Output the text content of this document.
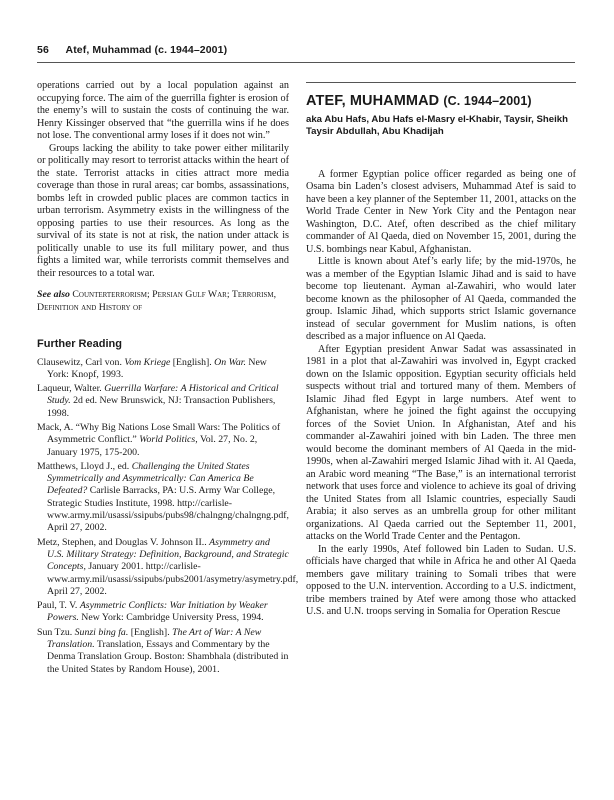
56 Atef, Muhammad (c. 1944–2001)

operations carried out by a local population against an occupying force. The aim of the guerrilla fighter is erosion of the enemy’s will to sustain the costs of continuing the war. Henry Kissinger observed that “the guerrilla wins if he does not lose. The conventional army loses if it does not win.”

Groups lacking the ability to take power either militarily or politically may resort to terrorist attacks within the heart of the state. Terrorist attacks in cities attract more media coverage than those in rural areas; car bombs, assassinations, bombs left in crowded public places are common tactics in urban terrorism. Asymmetry exists in the willingness of the opposing parties to use their resources. As long as the survival of its state is not at risk, the nation under attack is politically unable to use its full military power, and thus fights a limited war, while terrorists commit themselves and their resources to a total war.

See also Counterterrorism; Persian Gulf War; Terrorism, Definition and History of

Further Reading

Clausewitz, Carl von. Vom Kriege [English]. On War. New York: Knopf, 1993.

Laqueur, Walter. Guerrilla Warfare: A Historical and Critical Study. 2d ed. New Brunswick, NJ: Transaction Publishers, 1998.

Mack, A. “Why Big Nations Lose Small Wars: The Politics of Asymmetric Conflict.” World Politics, Vol. 27, No. 2, January 1975, 175-200.

Matthews, Lloyd J., ed. Challenging the United States Symmetrically and Asymmetrically: Can America Be Defeated? Carlisle Barracks, PA: U.S. Army War College, Strategic Studies Institute, 1998. http://carlisle-www.army.mil/usassi/ssipubs/pubs98/chalngng/chalngng.pdf, April 27, 2002.

Metz, Stephen, and Douglas V. Johnson II.. Asymmetry and U.S. Military Strategy: Definition, Background, and Strategic Concepts, January 2001. http://carlisle-www.army.mil/usassi/ssipubs/pubs2001/asymetry/asymetry.pdf, April 27, 2002.

Paul, T. V. Asymmetric Conflicts: War Initiation by Weaker Powers. New York: Cambridge University Press, 1994.

Sun Tzu. Sunzi bing fa. [English]. The Art of War: A New Translation. Translation, Essays and Commentary by the Denma Translation Group. Boston: Shambhala (distributed in the United States by Random House), 2001.

ATEF, MUHAMMAD (C. 1944–2001)

aka Abu Hafs, Abu Hafs el-Masry el-Khabir, Taysir, Sheikh Taysir Abdullah, Abu Khadijah

A former Egyptian police officer regarded as being one of Osama bin Laden’s closest advisers, Muhammad Atef is said to have been a key planner of the September 11, 2001, attacks on the World Trade Center in New York City and the Pentagon near Washington, D.C. Atef, often described as the chief military commander of Al Qaeda, died on November 15, 2001, during the U.S. bombings near Kabul, Afghanistan.

Little is known about Atef’s early life; by the mid-1970s, he was a member of the Egyptian Islamic Jihad and is said to have become top lieutenant. Ayman al-Zawahiri, who would later become known as the philosopher of Al Qaeda, commanded the group. Islamic Jihad, which supports strict Islamic governance instead of secular government for Muslim nations, is often described as a major influence on Al Qaeda.

After Egyptian president Anwar Sadat was assassinated in 1981 in a plot that al-Zawahiri was involved in, Egypt cracked down on the Islamic opposition. Egyptian security officials held suspects without trial and tortured many of them. Members of Islamic Jihad fled Egypt in large numbers. Atef went to Afghanistan, where he joined the fight against the occupying forces of the Soviet Union. In Afghanistan, Atef and his commander al-Zawahiri joined with bin Laden. The three men would become the dominant members of Al Qaeda in the mid-1990s, when al-Zawahiri merged Islamic Jihad with it. Al Qaeda, an Arabic word meaning “The Base,” is an international terrorist network that uses force and violence to achieve its goal of driving the United States from all Islamic countries, especially Saudi Arabia; it also serves as an umbrella group for other militant organizations. Al Qaeda carried out the September 11, 2001, attacks on the World Trade Center and the Pentagon.

In the early 1990s, Atef followed bin Laden to Sudan. U.S. officials have charged that while in Africa he and other Al Qaeda members gave military training to Somali tribes that were opposed to the U.N. intervention. According to a U.S. indictment, tribe members trained by Atef were among those who attacked U.S. and U.N. troops serving in Somalia for Operation Rescue
